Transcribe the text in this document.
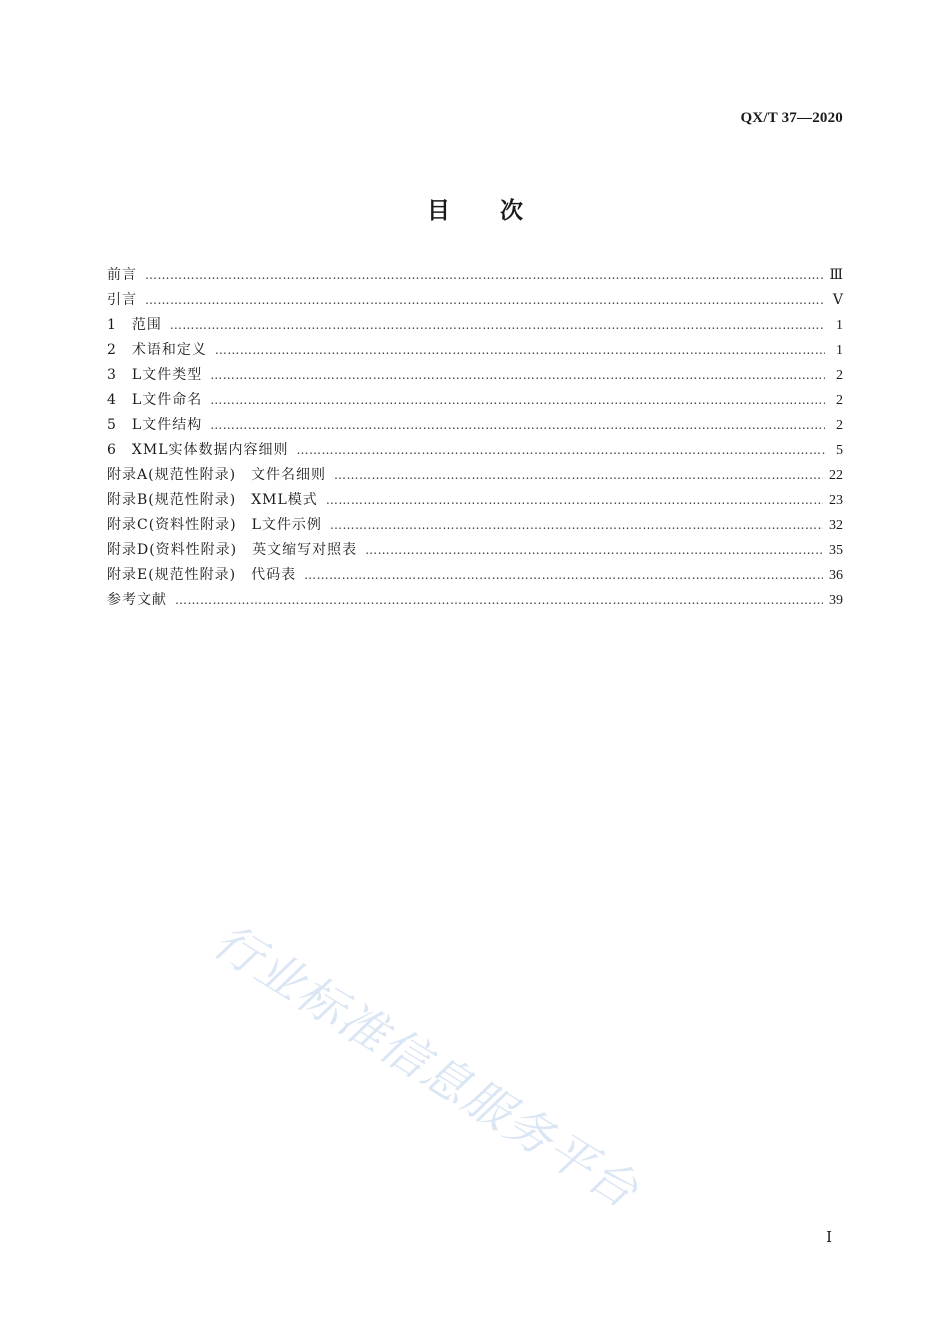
QX/T 37—2020
目 次
前言 …………………………………………………………………………………………………………………………………………………………………………	Ⅲ
引言 …………………………………………………………………………………………………………………………………………………………………………	Ⅴ
1　范围 …………………………………………………………………………………………………………………………………………………………………………	1
2　术语和定义 …………………………………………………………………………………………………………………………………………………………………………	1
3　L文件类型 …………………………………………………………………………………………………………………………………………………………………………	2
4　L文件命名 …………………………………………………………………………………………………………………………………………………………………………	2
5　L文件结构 …………………………………………………………………………………………………………………………………………………………………………	2
6　XML实体数据内容细则 …………………………………………………………………………………………………………………………………………………………………………	5
附录A(规范性附录)　文件名细则 …………………………………………………………………………………………………………………………………………………………………………	22
附录B(规范性附录)　XML模式 …………………………………………………………………………………………………………………………………………………………………………	23
附录C(资料性附录)　L文件示例 …………………………………………………………………………………………………………………………………………………………………………	32
附录D(资料性附录)　英文缩写对照表 …………………………………………………………………………………………………………………………………………………………………………	35
附录E(规范性附录)　代码表 …………………………………………………………………………………………………………………………………………………………………………	36
参考文献 …………………………………………………………………………………………………………………………………………………………………………	39
行业标准信息服务平台
Ⅰ
